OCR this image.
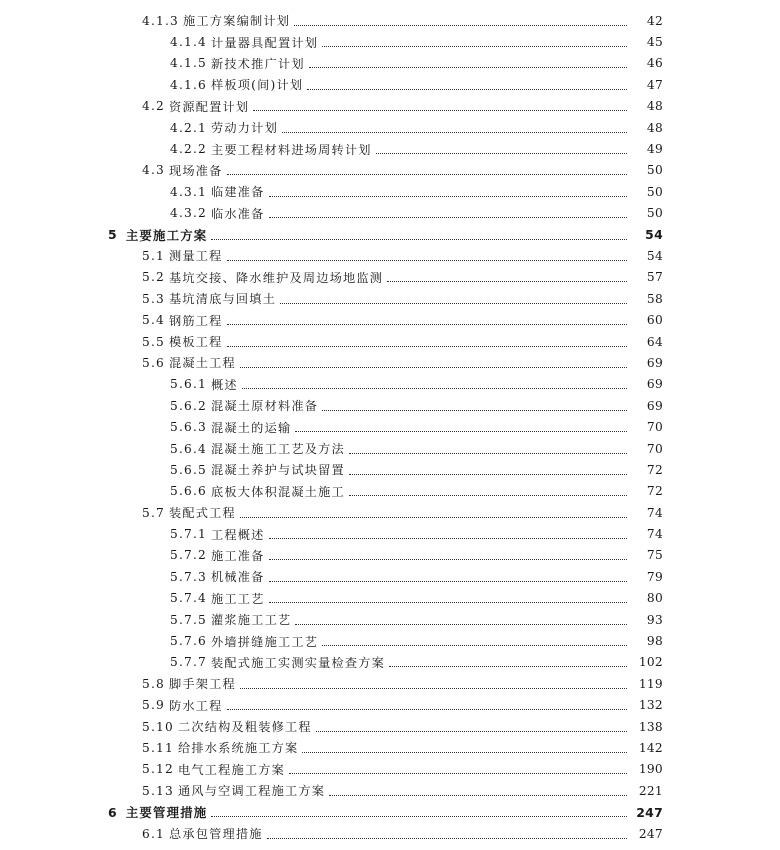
4.1.3 施工方案编制计划	42
4.1.4 计量器具配置计划	45
4.1.5 新技术推广计划	46
4.1.6 样板项(间)计划	47
4.2 资源配置计划	48
4.2.1 劳动力计划	48
4.2.2 主要工程材料进场周转计划	49
4.3 现场准备	50
4.3.1 临建准备	50
4.3.2 临水准备	50
5 主要施工方案	54
5.1 测量工程	54
5.2 基坑交接、降水维护及周边场地监测	57
5.3 基坑清底与回填土	58
5.4 钢筋工程	60
5.5 模板工程	64
5.6 混凝土工程	69
5.6.1 概述	69
5.6.2 混凝土原材料准备	69
5.6.3 混凝土的运输	70
5.6.4 混凝土施工工艺及方法	70
5.6.5 混凝土养护与试块留置	72
5.6.6 底板大体积混凝土施工	72
5.7 装配式工程	74
5.7.1 工程概述	74
5.7.2 施工准备	75
5.7.3 机械准备	79
5.7.4 施工工艺	80
5.7.5 灌浆施工工艺	93
5.7.6 外墙拼缝施工工艺	98
5.7.7 装配式施工实测实量检查方案	102
5.8 脚手架工程	119
5.9 防水工程	132
5.10 二次结构及粗装修工程	138
5.11 给排水系统施工方案	142
5.12 电气工程施工方案	190
5.13 通风与空调工程施工方案	221
6 主要管理措施	247
6.1 总承包管理措施	247
